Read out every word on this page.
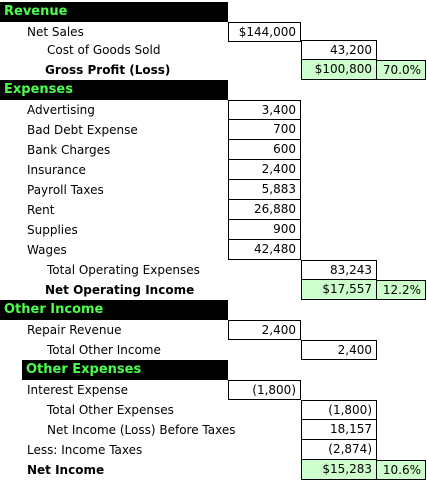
Revenue
Net Sales	$144,000
Cost of Goods Sold	43,200
Gross Profit (Loss)	$100,800 70.0%
Expenses
Advertising	3,400
Bad Debt Expense	700
Bank Charges	600
Insurance	2,400
Payroll Taxes	5,883
Rent	26,880
Supplies	900
Wages	42,480
Total Operating Expenses	83,243
Net Operating Income	$17,557 12.2%
Other Income
Repair Revenue	2,400
Total Other Income	2,400
Other Expenses
Interest Expense	(1,800)
Total Other Expenses	(1,800)
Net Income (Loss) Before Taxes	18,157
Less: Income Taxes	(2,874)
Net Income	$15,283 10.6%
